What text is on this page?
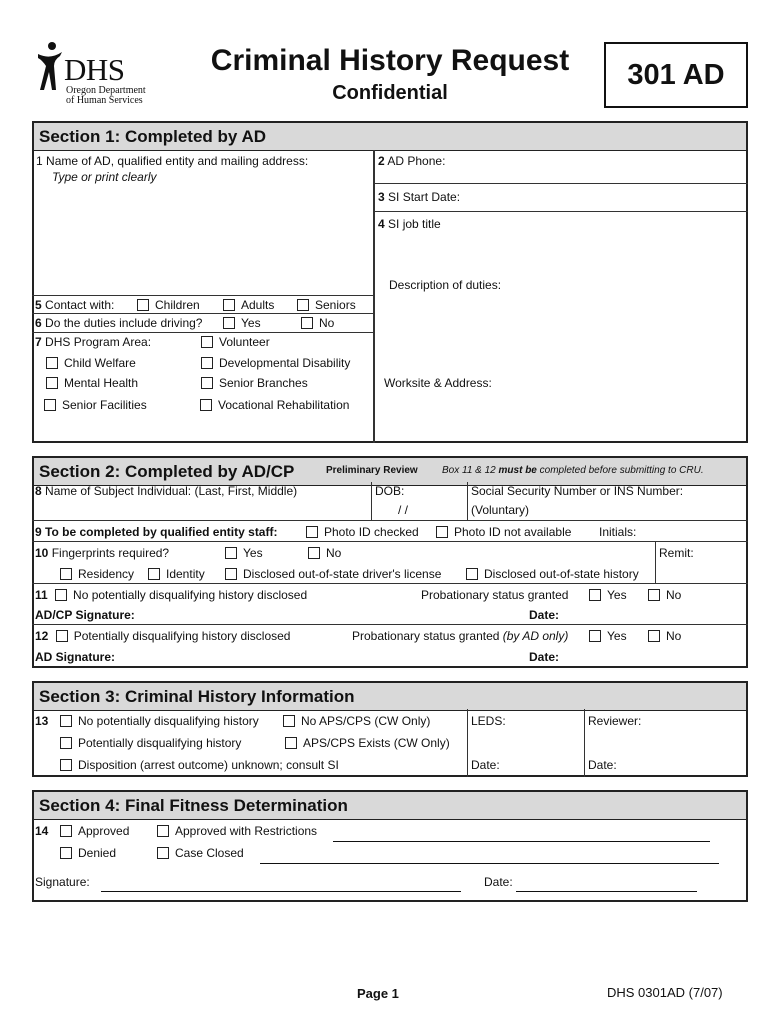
DHS
Oregon Department
of Human Services
Criminal History Request
Confidential
301 AD
Section 1: Completed by AD
1 Name of AD, qualified entity and mailing address:
Type or print clearly
2 AD Phone:
3 SI Start Date:
4 SI job title
Description of duties:
Worksite & Address:
5 Contact with:	Children	Adults	Seniors
6 Do the duties include driving?	Yes	No
7 DHS Program Area:	Volunteer
Child Welfare	Developmental Disability
Mental Health	Senior Branches
Senior Facilities	Vocational Rehabilitation
Section 2: Completed by AD/CP	Preliminary Review Box 11 & 12 must be completed before submitting to CRU.
8 Name of Subject Individual: (Last, First, Middle)	DOB:
/ /
Social Security Number or INS Number:
(Voluntary)
9 To be completed by qualified entity staff:	Photo ID checked	Photo ID not available Initials:
10 Fingerprints required?	Yes	No	Remit:
Residency	Identity	Disclosed out-of-state driver's license	Disclosed out-of-state history
11 No potentially disqualifying history disclosed	Probationary status granted	Yes	No
AD/CP Signature:	Date:
12 Potentially disqualifying history disclosed	Probationary status granted (by AD only)	Yes	No
AD Signature:	Date:
Section 3: Criminal History Information
13	No potentially disqualifying history	No APS/CPS (CW Only)
Potentially disqualifying history	APS/CPS Exists (CW Only)
Disposition (arrest outcome) unknown; consult SI
LEDS:	Reviewer:
Date:	Date:
Section 4: Final Fitness Determination
14	Approved	Approved with Restrictions
Denied	Case Closed
Signature:	Date:
Page 1	DHS 0301AD (7/07)
